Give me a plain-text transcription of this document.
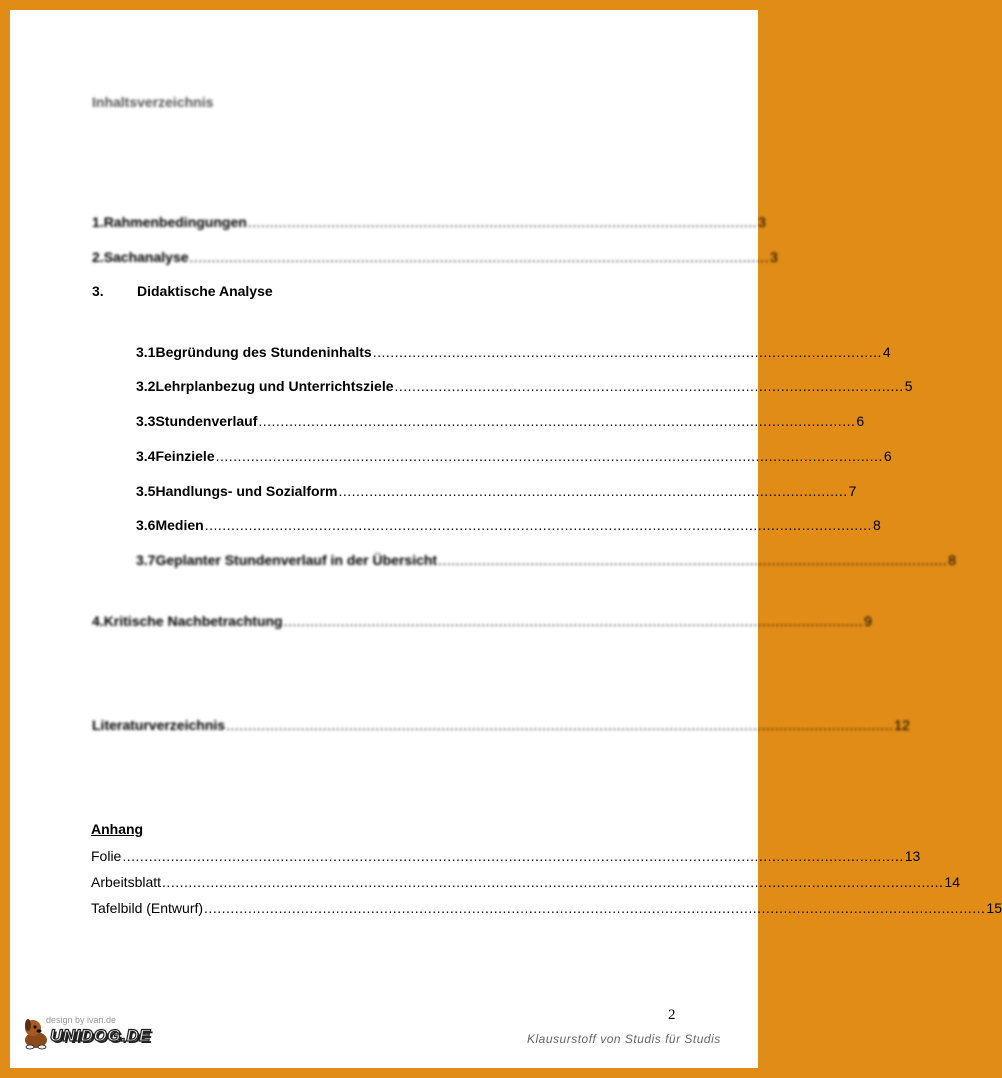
Inhaltsverzeichnis
1. Rahmenbedingungen .................................................................................................................... 3
2. Sachanalyse .................................................................................................................................... 3
3.	Didaktische Analyse
3.1 Begründung des Stundeninhalts .................................................................................................................... 4
3.2 Lehrplanbezug und Unterrichtsziele .................................................................................................................... 5
3.3 Stundenverlauf ........................................................................................................................................ 6
3.4 Feinziele ........................................................................................................................................................ 6
3.5 Handlungs- und Sozialform .................................................................................................................... 7
3.6 Medien ........................................................................................................................................................ 8
3.7 Geplanter Stundenverlauf in der Übersicht .................................................................................................................... 8
4. Kritische Nachbetrachtung .................................................................................................................................... 9
Literaturverzeichnis ........................................................................................................................................................ 12
Anhang
Folie .................................................................................................................................................................................. 13
Arbeitsblatt .................................................................................................................................................................................. 14
Tafelbild (Entwurf) .................................................................................................................................................................................. 15
2
design by ivan.de
UNIDOG.DE	Klausurstoff von Studis für Studis
